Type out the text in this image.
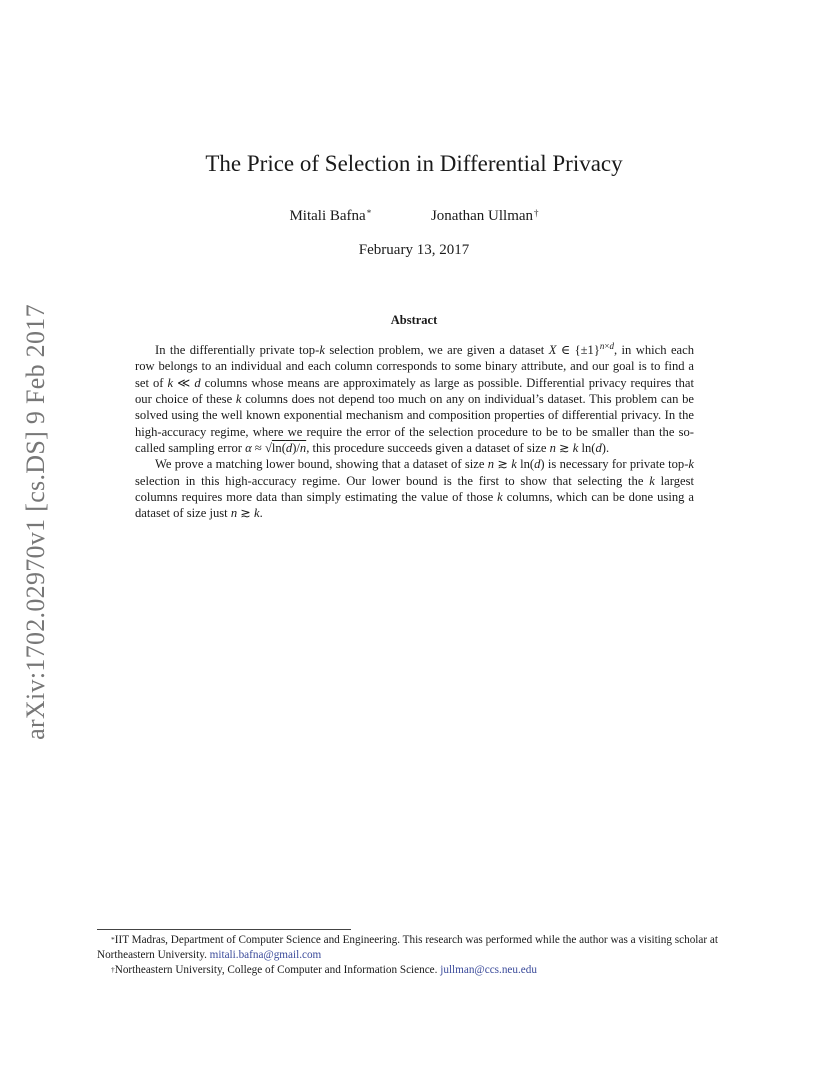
arXiv:1702.02970v1 [cs.DS] 9 Feb 2017
The Price of Selection in Differential Privacy
Mitali Bafna*	Jonathan Ullman†
February 13, 2017
Abstract

In the differentially private top-k selection problem, we are given a dataset X ∈ $\{\pm 1\}^{n\times d}$, in which each row belongs to an individual and each column corresponds to some binary attribute, and our goal is to find a set of k ≪ d columns whose means are approximately as large as possible. Differential privacy requires that our choice of these k columns does not depend too much on any on individual’s dataset. This problem can be solved using the well known exponential mechanism and composition properties of differential privacy. In the high-accuracy regime, where we require the error of the selection procedure to be to be smaller than the so-called sampling error α ≈ √ln(d)/n, this procedure succeeds given a dataset of size n ≳ k ln(d).

We prove a matching lower bound, showing that a dataset of size n ≳ k ln(d) is necessary for private top-k selection in this high-accuracy regime. Our lower bound is the first to show that selecting the k largest columns requires more data than simply estimating the value of those k columns, which can be done using a dataset of size just n ≳ k.

*IIT Madras, Department of Computer Science and Engineering. This research was performed while the author was a visiting scholar at Northeastern University. mitali.bafna@gmail.com

†Northeastern University, College of Computer and Information Science. jullman@ccs.neu.edu
